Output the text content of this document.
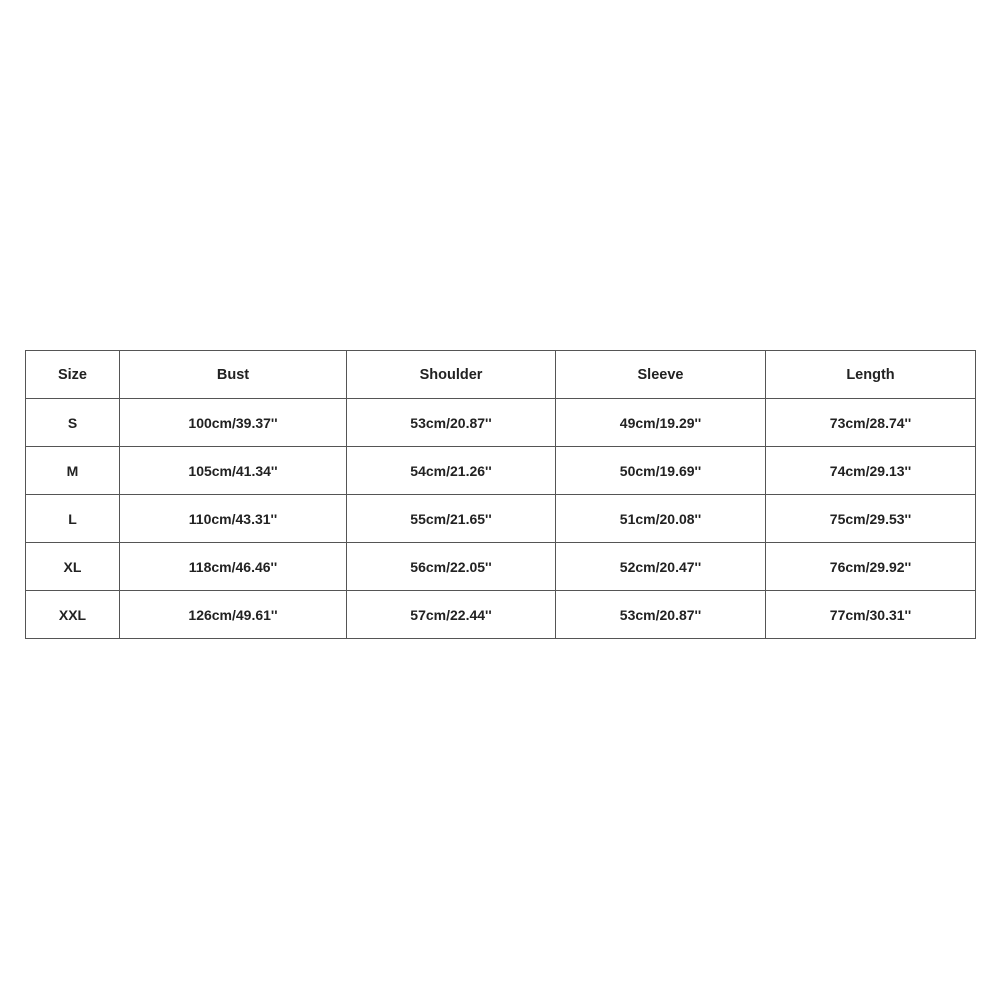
Size	Bust	Shoulder	Sleeve	Length
S	100cm/39.37''	53cm/20.87''	49cm/19.29''	73cm/28.74''
M	105cm/41.34''	54cm/21.26''	50cm/19.69''	74cm/29.13''
L	110cm/43.31''	55cm/21.65''	51cm/20.08''	75cm/29.53''
XL	118cm/46.46''	56cm/22.05''	52cm/20.47''	76cm/29.92''
XXL	126cm/49.61''	57cm/22.44''	53cm/20.87''	77cm/30.31''
